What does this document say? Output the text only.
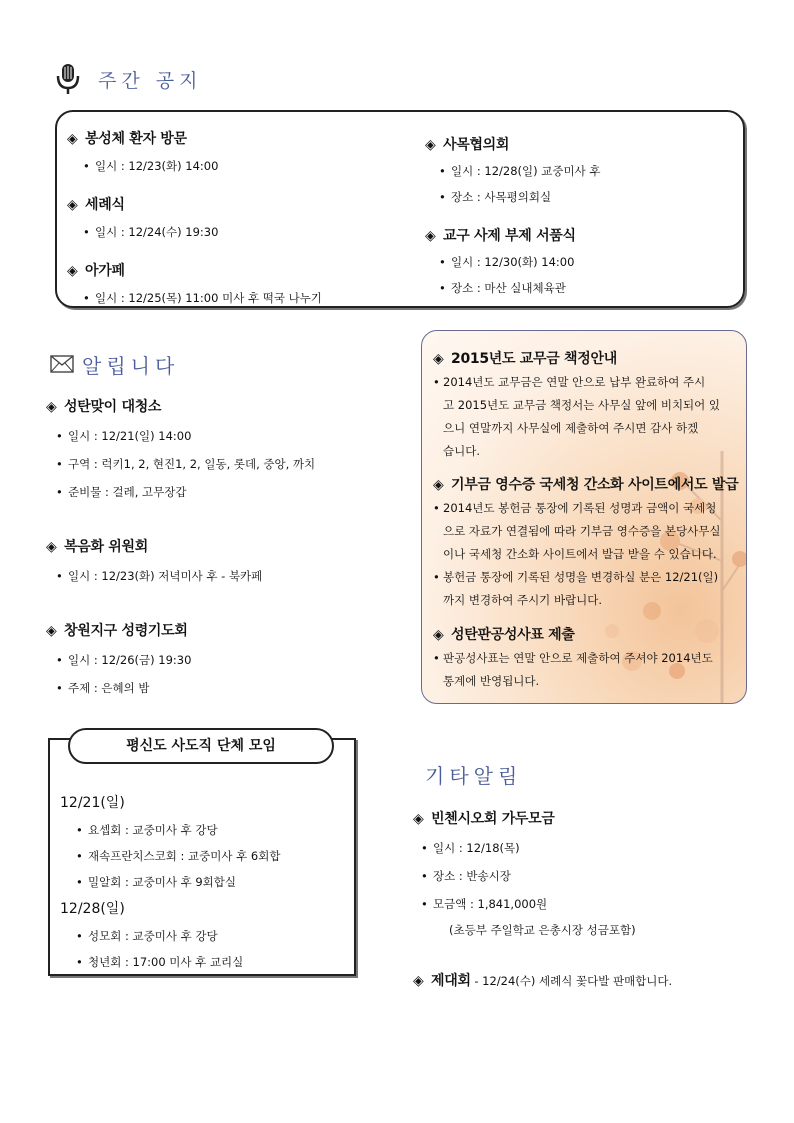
주간 공지
◈ 봉성체 환자 방문
• 일시 : 12/23(화) 14:00
◈ 세례식
• 일시 : 12/24(수) 19:30
◈ 아가페
• 일시 : 12/25(목) 11:00 미사 후 떡국 나누기
◈ 사목협의회
• 일시 : 12/28(일) 교중미사 후
• 장소 : 사목평의회실
◈ 교구 사제 부제 서품식
• 일시 : 12/30(화) 14:00
• 장소 : 마산 실내체육관
알립니다
◈ 성탄맞이 대청소
• 일시 : 12/21(일) 14:00
• 구역 : 럭키1, 2, 현진1, 2, 일동, 롯데, 중앙, 까치
• 준비물 : 걸레, 고무장갑
◈ 복음화 위원회
• 일시 : 12/23(화) 저녁미사 후 - 북카페
◈ 창원지구 성령기도회
• 일시 : 12/26(금) 19:30
• 주제 : 은혜의 밤
◈ 2015년도 교무금 책정안내
• 2014년도 교무금은 연말 안으로 납부 완료하여 주시
고 2015년도 교무금 책정서는 사무실 앞에 비치되어 있
으니 연말까지 사무실에 제출하여 주시면 감사 하겠
습니다.
◈ 기부금 영수증 국세청 간소화 사이트에서도 발급
• 2014년도 봉헌금 통장에 기록된 성명과 금액이 국세청
으로 자료가 연결됨에 따라 기부금 영수증을 본당사무실
이나 국세청 간소화 사이트에서 발급 받을 수 있습니다.
• 봉헌금 통장에 기록된 성명을 변경하실 분은 12/21(일)
까지 변경하여 주시기 바랍니다.
◈ 성탄판공성사표 제출
• 판공성사표는 연말 안으로 제출하여 주셔야 2014년도
통계에 반영됩니다.
평신도 사도직 단체 모임
12/21(일)
• 요셉회 : 교중미사 후 강당
• 재속프란치스코회 : 교중미사 후 6회합
• 밀알회 : 교중미사 후 9회합실
12/28(일)
• 성모회 : 교중미사 후 강당
• 청년회 : 17:00 미사 후 교리실
기타알림
◈ 빈첸시오회 가두모금
• 일시 : 12/18(목)
• 장소 : 반송시장
• 모금액 : 1,841,000원
(초등부 주일학교 은총시장 성금포함)
◈ 제대회 - 12/24(수) 세례식 꽃다발 판매합니다.
